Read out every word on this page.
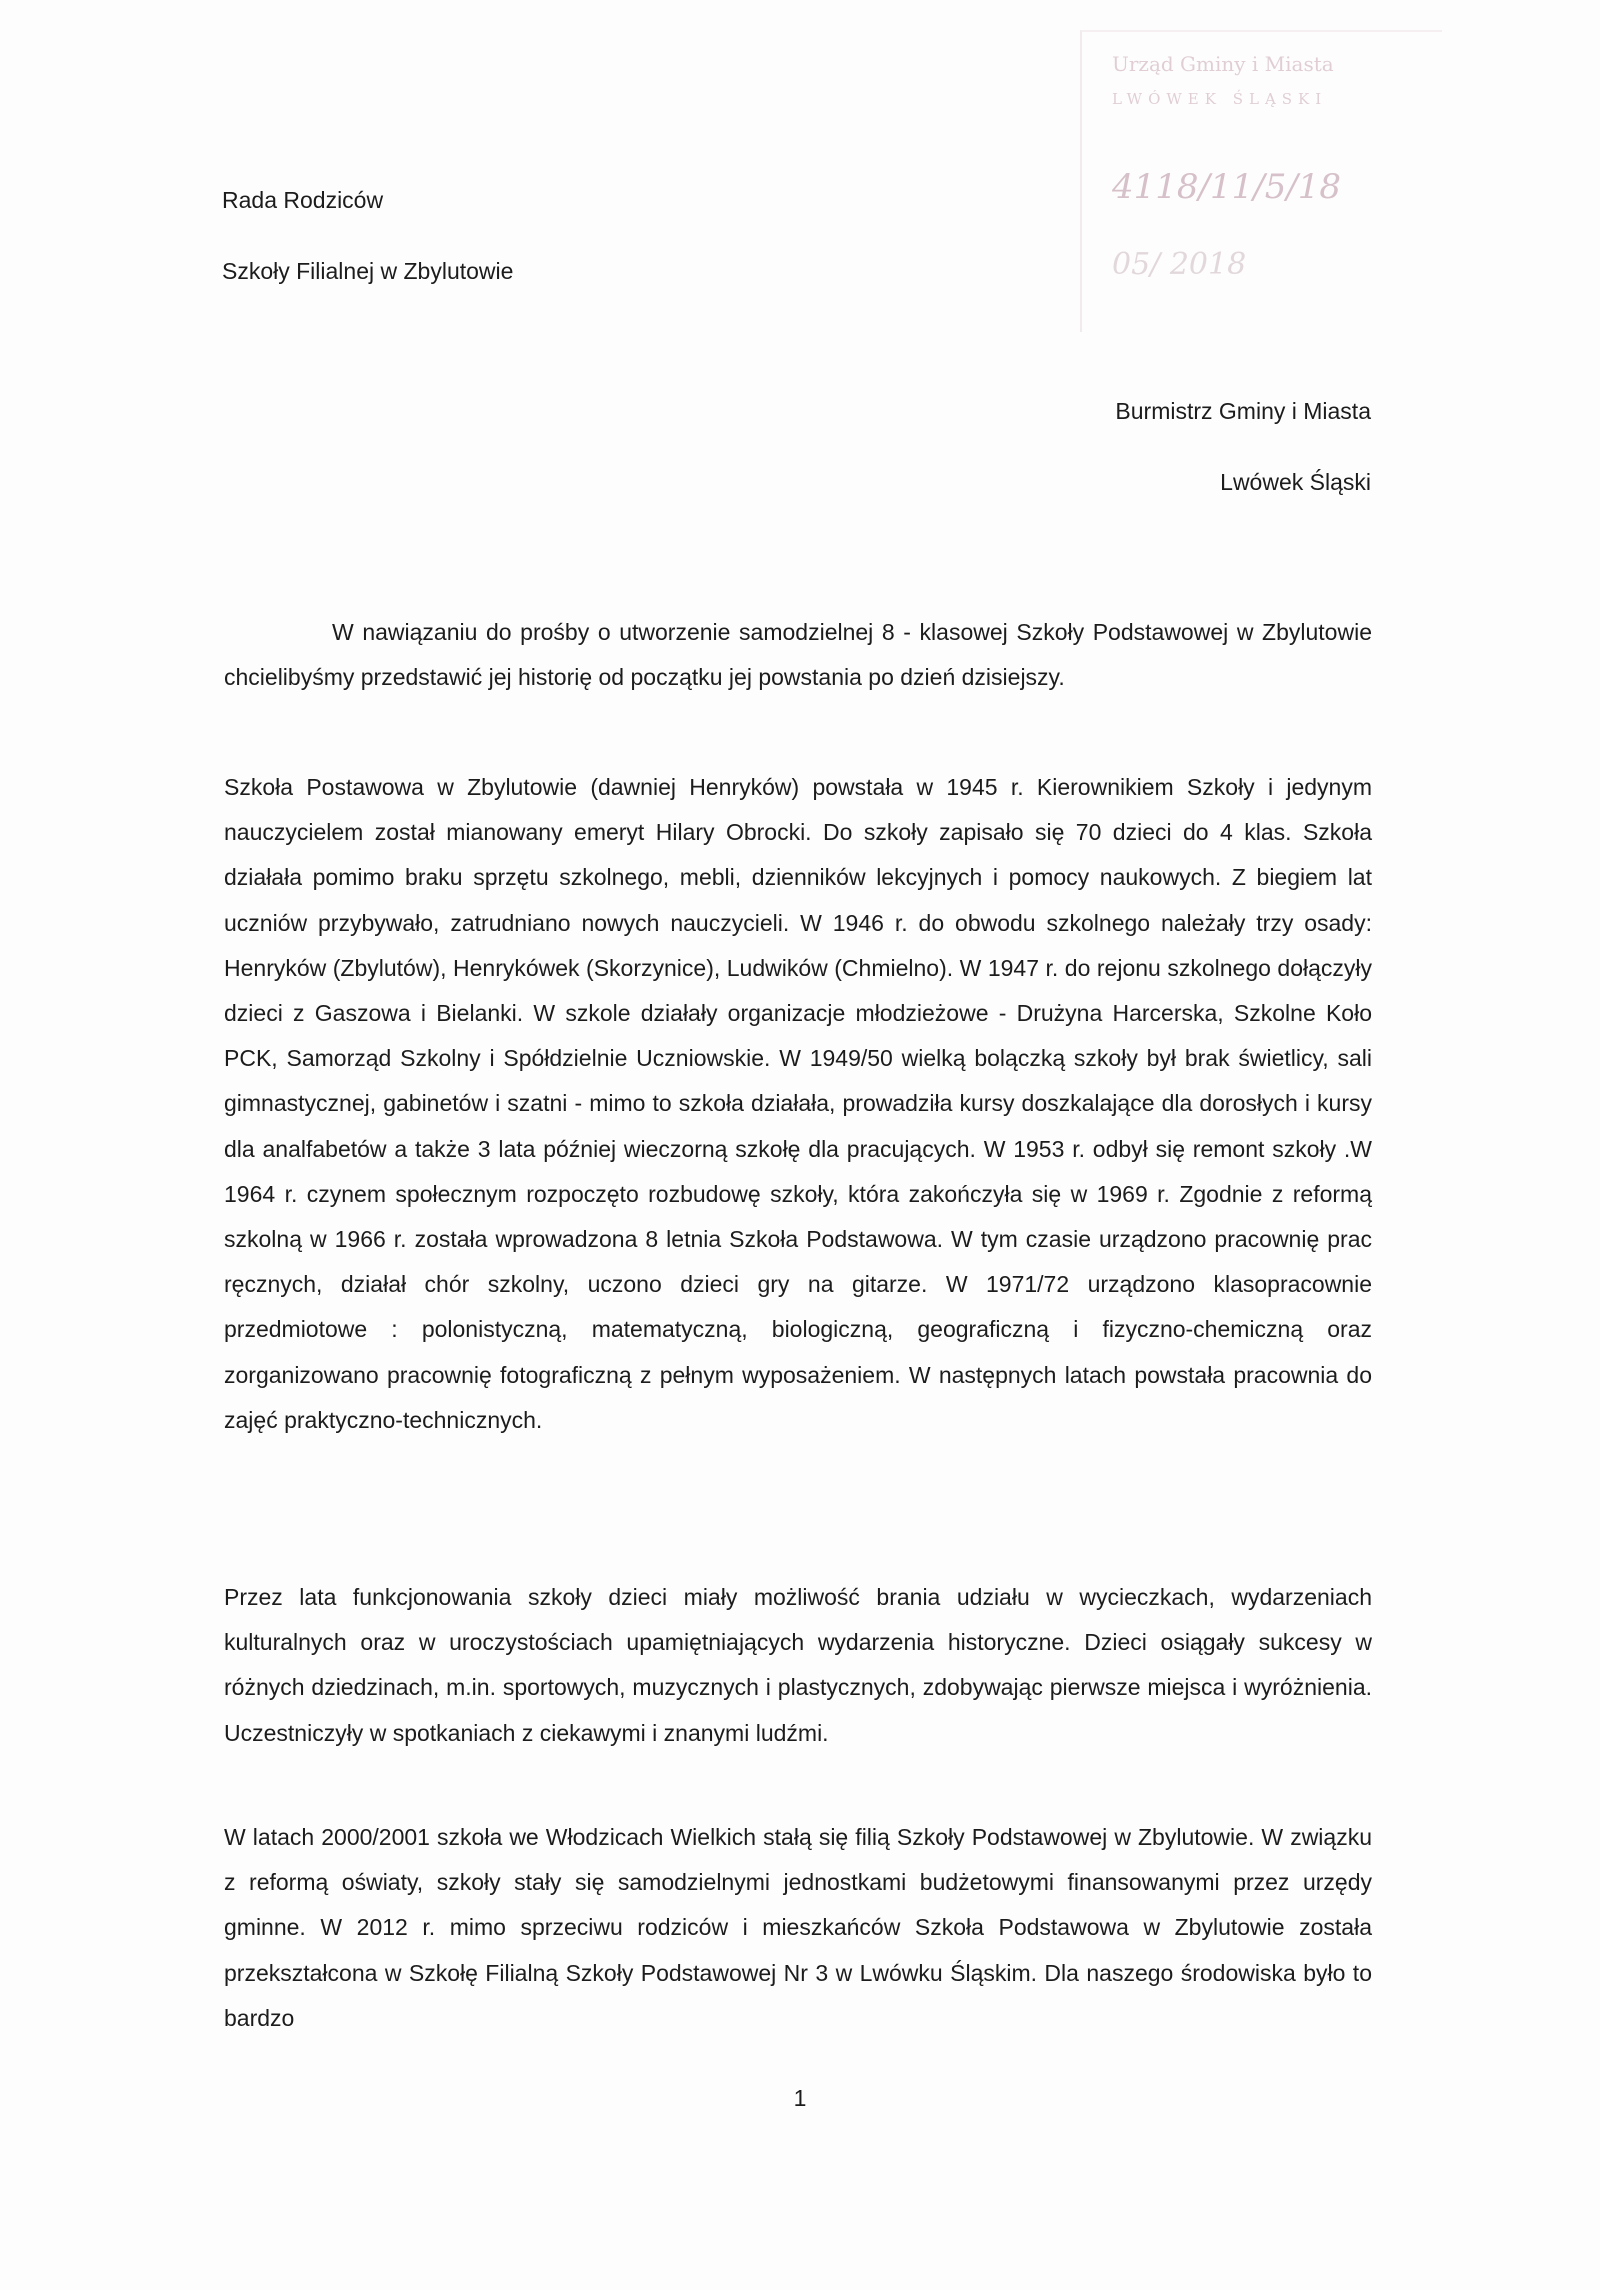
Urząd Gminy i Miasta
LWÓWEK ŚLĄSKI
4118/11/5/18
05/ 2018
Rada Rodziców
Szkoły Filialnej w Zbylutowie
Burmistrz Gminy i Miasta
Lwówek Śląski

W nawiązaniu do prośby o utworzenie samodzielnej 8 - klasowej Szkoły Podstawowej w Zbylutowie chcielibyśmy przedstawić jej historię od początku jej powstania po dzień dzisiejszy.

Szkoła Postawowa w Zbylutowie (dawniej Henryków) powstała w 1945 r. Kierownikiem Szkoły i jedynym nauczycielem został mianowany emeryt Hilary Obrocki. Do szkoły zapisało się 70 dzieci do 4 klas. Szkoła działała pomimo braku sprzętu szkolnego, mebli, dzienników lekcyjnych i pomocy naukowych. Z biegiem lat uczniów przybywało, zatrudniano nowych nauczycieli. W 1946 r. do obwodu szkolnego należały trzy osady: Henryków (Zbylutów), Henrykówek (Skorzynice), Ludwików (Chmielno). W 1947 r. do rejonu szkolnego dołączyły dzieci z Gaszowa i Bielanki. W szkole działały organizacje młodzieżowe - Drużyna Harcerska, Szkolne Koło PCK, Samorząd Szkolny i Spółdzielnie Uczniowskie. W 1949/50 wielką bolączką szkoły był brak świetlicy, sali gimnastycznej, gabinetów i szatni - mimo to szkoła działała, prowadziła kursy doszkalające dla dorosłych i kursy dla analfabetów a także 3 lata później wieczorną szkołę dla pracujących. W 1953 r. odbył się remont szkoły .W 1964 r. czynem społecznym rozpoczęto rozbudowę szkoły, która zakończyła się w 1969 r. Zgodnie z reformą szkolną w 1966 r. została wprowadzona 8 letnia Szkoła Podstawowa. W tym czasie urządzono pracownię prac ręcznych, działał chór szkolny, uczono dzieci gry na gitarze. W 1971/72 urządzono klasopracownie przedmiotowe : polonistyczną, matematyczną, biologiczną, geograficzną i fizyczno-chemiczną oraz zorganizowano pracownię fotograficzną z pełnym wyposażeniem. W następnych latach powstała pracownia do zajęć praktyczno-technicznych.

Przez lata funkcjonowania szkoły dzieci miały możliwość brania udziału w wycieczkach, wydarzeniach kulturalnych oraz w uroczystościach upamiętniających wydarzenia historyczne. Dzieci osiągały sukcesy w różnych dziedzinach, m.in. sportowych, muzycznych i plastycznych, zdobywając pierwsze miejsca i wyróżnienia. Uczestniczyły w spotkaniach z ciekawymi i znanymi ludźmi.

W latach 2000/2001 szkoła we Włodzicach Wielkich stałą się filią Szkoły Podstawowej w Zbylutowie. W związku z reformą oświaty, szkoły stały się samodzielnymi jednostkami budżetowymi finansowanymi przez urzędy gminne. W 2012 r. mimo sprzeciwu rodziców i mieszkańców Szkoła Podstawowa w Zbylutowie została przekształcona w Szkołę Filialną Szkoły Podstawowej Nr 3 w Lwówku Śląskim. Dla naszego środowiska było to bardzo

1
